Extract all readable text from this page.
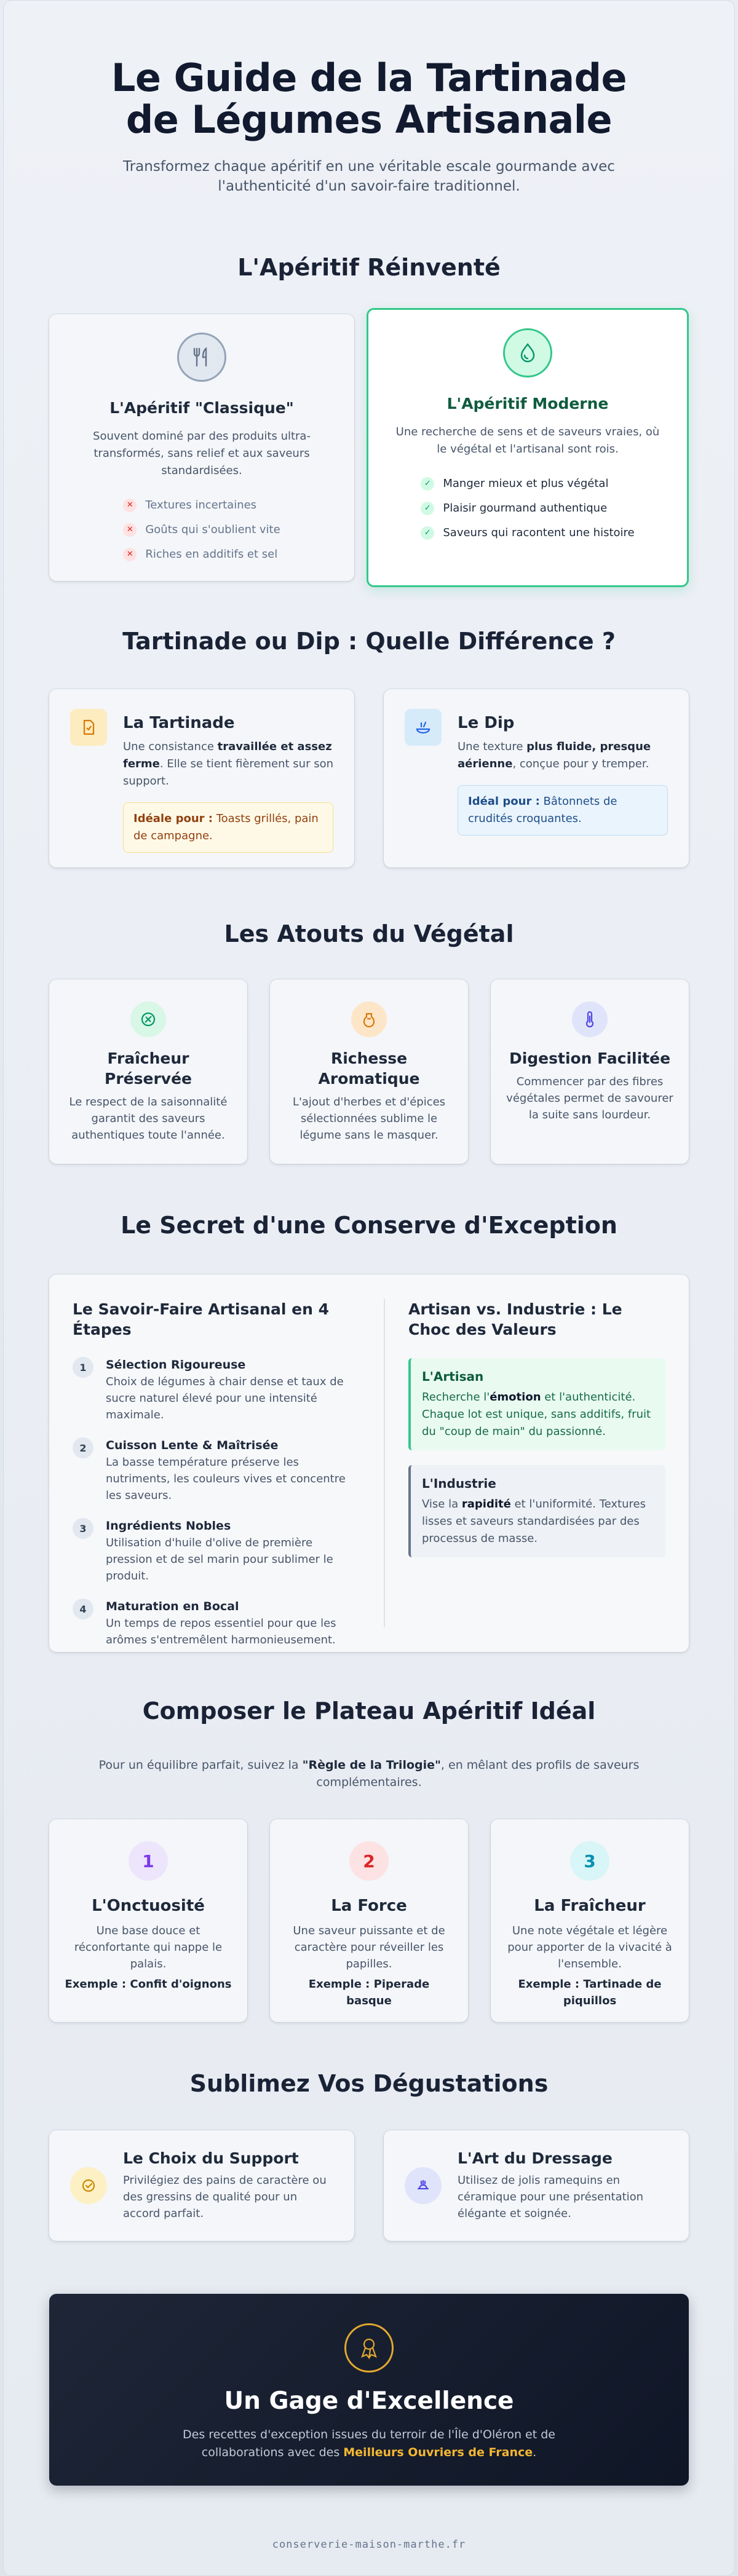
Le Guide de la Tartinade de Légumes Artisanale

Transformez chaque apéritif en une véritable escale gourmande avec l'authenticité d'un savoir-faire traditionnel.

L'Apéritif Réinventé
L'Apéritif "Classique"

Souvent dominé par des produits ultra-transformés, sans relief et aux saveurs standardisées.

✕	Textures incertaines
✕	Goûts qui s'oublient vite
✕	Riches en additifs et sel
L'Apéritif Moderne

Une recherche de sens et de saveurs vraies, où le végétal et l'artisanal sont rois.

✓	Manger mieux et plus végétal
✓	Plaisir gourmand authentique
✓	Saveurs qui racontent une histoire
Tartinade ou Dip : Quelle Différence ?
La Tartinade

Une consistance travaillée et assez ferme. Elle se tient fièrement sur son support.

Idéale pour : Toasts grillés, pain de campagne.
Le Dip

Une texture plus fluide, presque aérienne, conçue pour y tremper.

Idéal pour : Bâtonnets de crudités croquantes.
Les Atouts du Végétal
Fraîcheur Préservée

Le respect de la saisonnalité garantit des saveurs authentiques toute l'année.

Richesse Aromatique

L'ajout d'herbes et d'épices sélectionnées sublime le légume sans le masquer.

Digestion Facilitée

Commencer par des fibres végétales permet de savourer la suite sans lourdeur.

Le Secret d'une Conserve d'Exception
Le Savoir-Faire Artisanal en 4 Étapes
1	Sélection Rigoureuse

Choix de légumes à chair dense et taux de sucre naturel élevé pour une intensité maximale.

2	Cuisson Lente & Maîtrisée

La basse température préserve les nutriments, les couleurs vives et concentre les saveurs.

3	Ingrédients Nobles

Utilisation d'huile d'olive de première pression et de sel marin pour sublimer le produit.

4	Maturation en Bocal

Un temps de repos essentiel pour que les arômes s'entremêlent harmonieusement.

Artisan vs. Industrie : Le Choc des Valeurs
L'Artisan
Recherche l'émotion et l'authenticité. Chaque lot est unique, sans additifs, fruit du "coup de main" du passionné.
L'Industrie
Vise la rapidité et l'uniformité. Textures lisses et saveurs standardisées par des processus de masse.
Composer le Plateau Apéritif Idéal

Pour un équilibre parfait, suivez la "Règle de la Trilogie", en mêlant des profils de saveurs complémentaires.

1
L'Onctuosité

Une base douce et réconfortante qui nappe le palais.

Exemple : Confit d'oignons

2
La Force

Une saveur puissante et de caractère pour réveiller les papilles.

Exemple : Piperade basque

3
La Fraîcheur

Une note végétale et légère pour apporter de la vivacité à l'ensemble.

Exemple : Tartinade de piquillos

Sublimez Vos Dégustations
Le Choix du Support

Privilégiez des pains de caractère ou des gressins de qualité pour un accord parfait.

L'Art du Dressage

Utilisez de jolis ramequins en céramique pour une présentation élégante et soignée.

Un Gage d'Excellence

Des recettes d'exception issues du terroir de l'Île d'Oléron et de collaborations avec des Meilleurs Ouvriers de France.

conserverie-maison-marthe.fr
